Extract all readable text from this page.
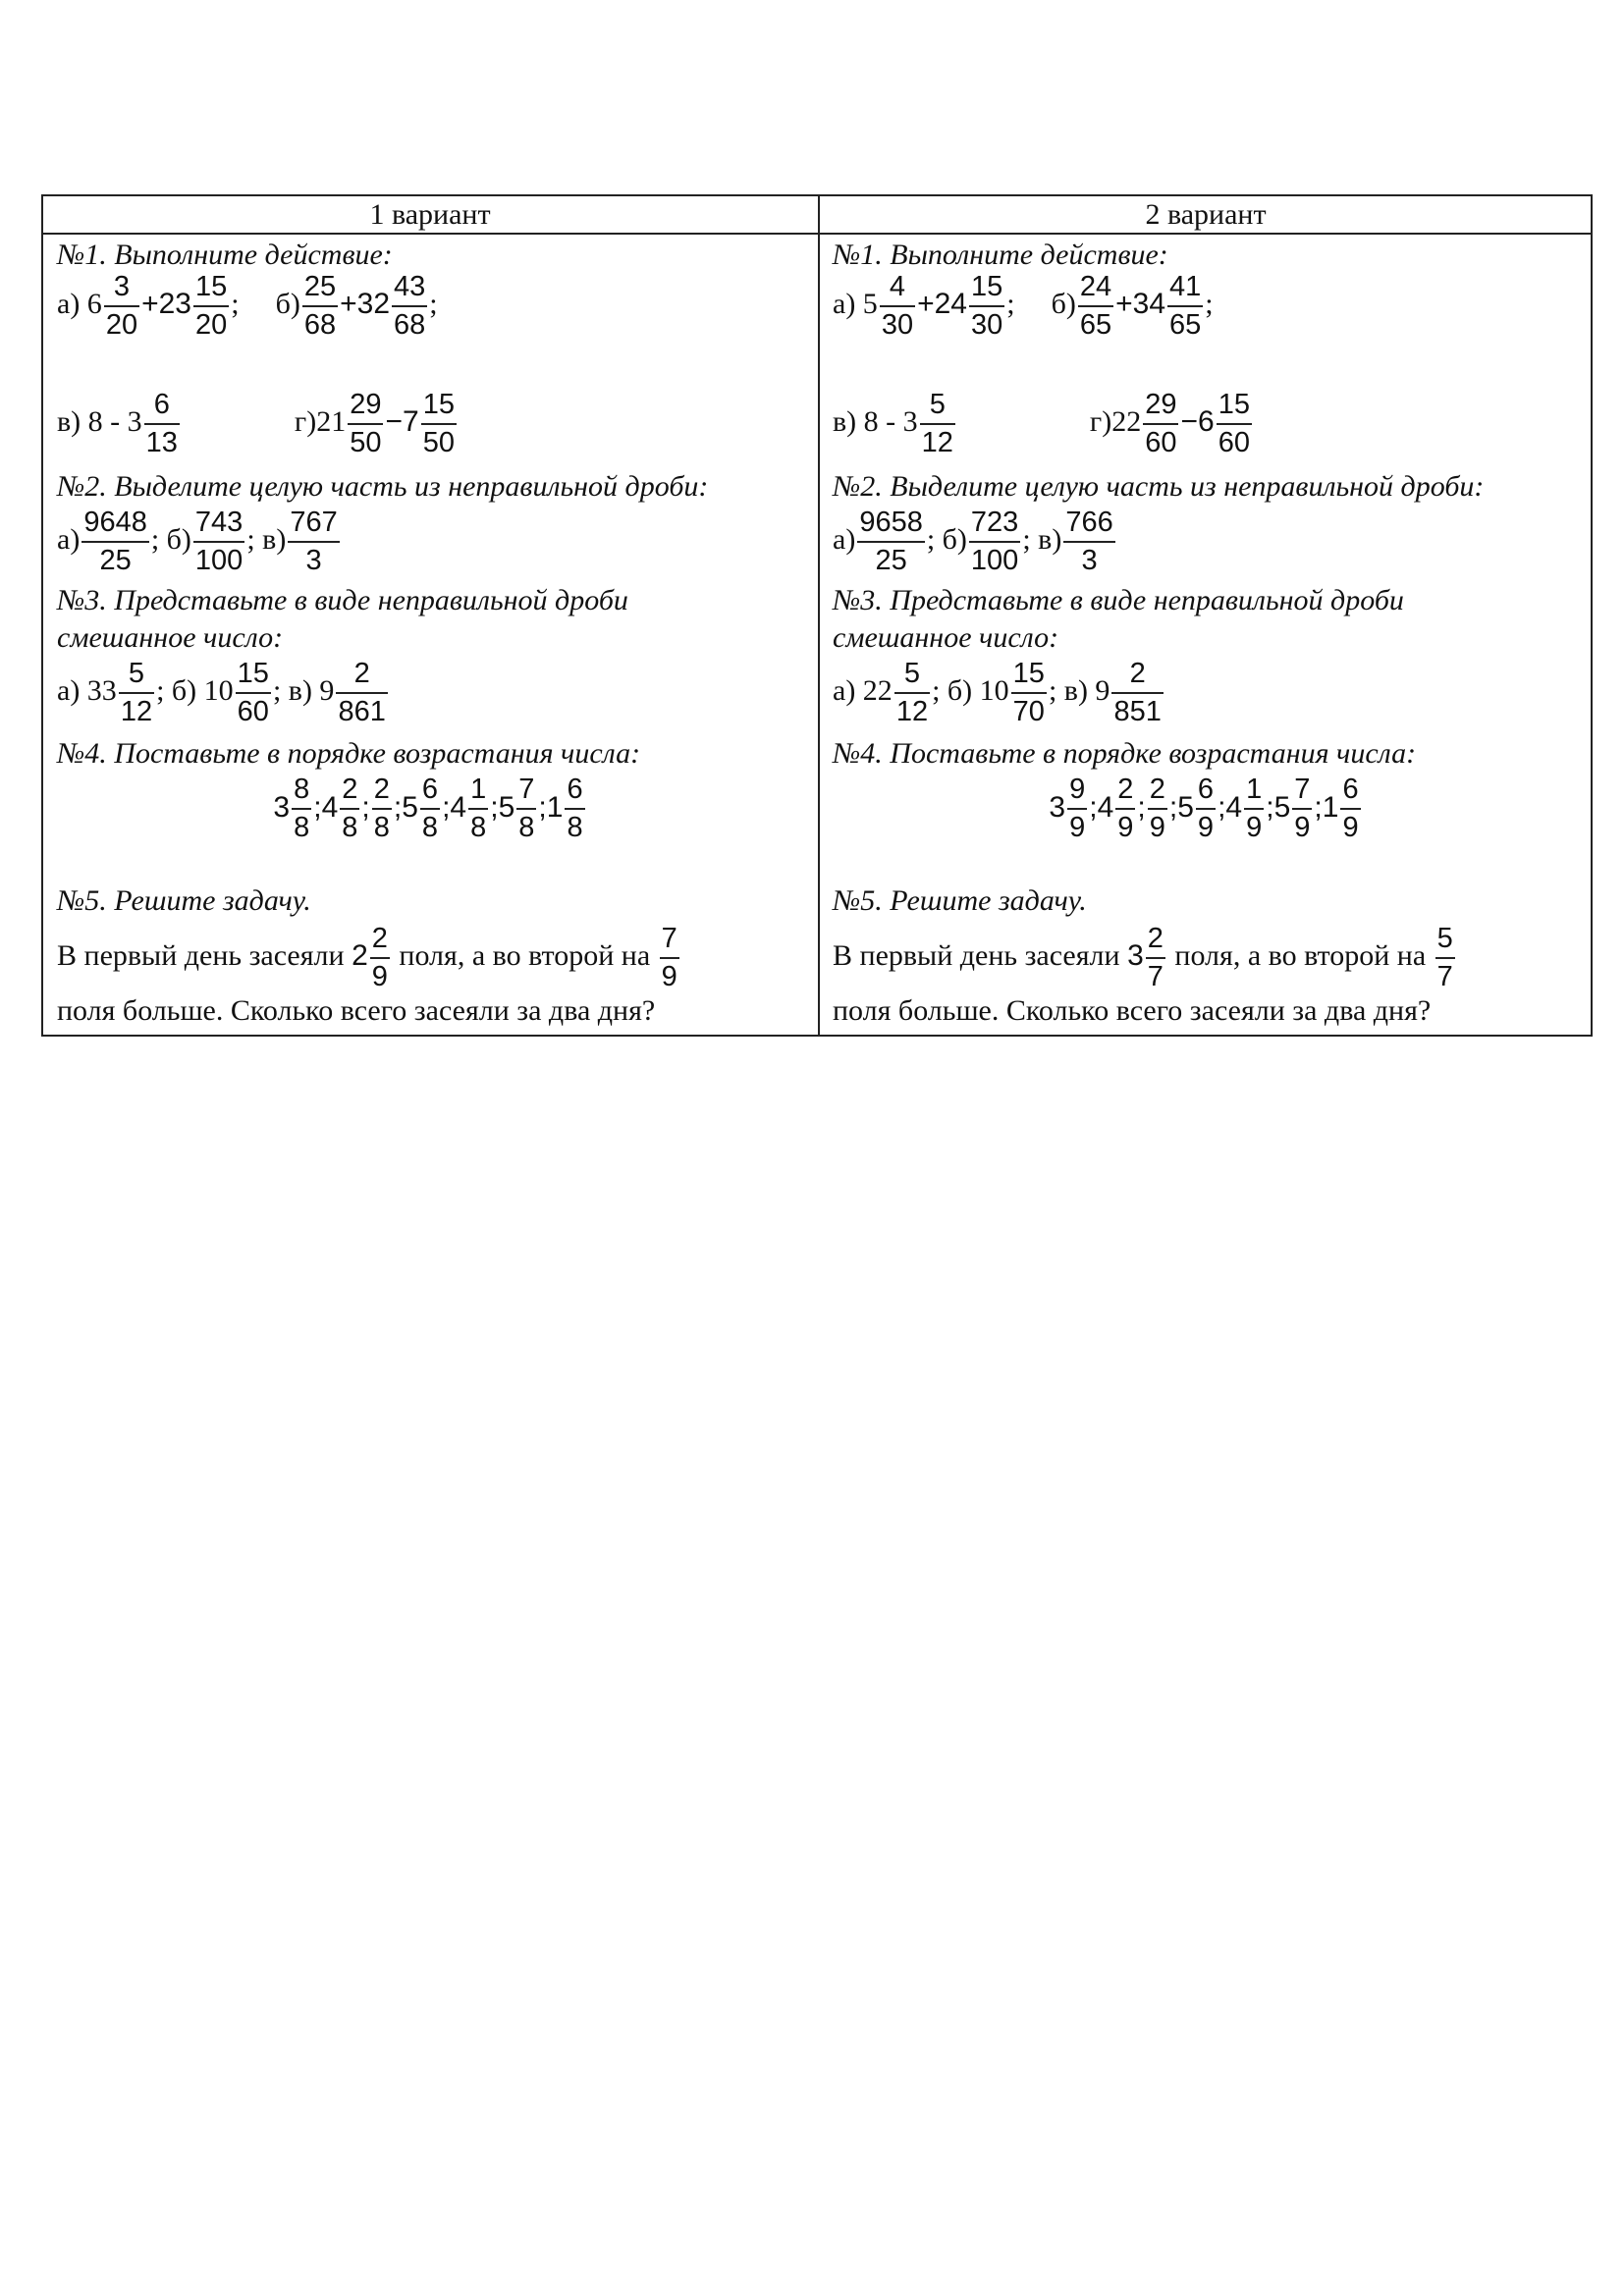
1 вариант
№1. Выполните действие:
а) $6 \frac{3}{20} +23 \frac{15}{20}$ ; $б) \frac{25}{68} +32 \frac{43}{68}$ ;
в) $8 - 3 \frac{6}{13}$	$г)21 \frac{29}{50} -7 \frac{15}{50}$
№2. Выделите целую часть из неправильной дроби:
$а) \frac{9648}{25}$ ; $б) \frac{743}{100}$ ; $в) \frac{767}{3}$
№3. Представьте в виде неправильной дроби
смешанное число:
а) $33 \frac{5}{12}$ ; б) $10 \frac{15}{60}$ ; в) $9 \frac{2}{861}$
№4. Поставьте в порядке возрастания числа:
$3 \frac{8}{8}$ ;4 $\frac{2}{8}$ ; $\frac{2}{8}$ ;5 $\frac{6}{8}$ ;4 $\frac{1}{8}$ ;5 $\frac{7}{8}$ ;1 $\frac{6}{8}$
№5. Решите задачу.
В первый день засеяли $2 \frac{2}{9}$ поля, а во второй на $\frac{7}{9}$
поля больше. Сколько всего засеяли за два дня?
2 вариант
№1. Выполните действие:
а) $5 \frac{4}{30} +24 \frac{15}{30}$ ; $б) \frac{24}{65} +34 \frac{41}{65}$ ;
в) $8 - 3 \frac{5}{12}$	$г)22 \frac{29}{60} -6 \frac{15}{60}$
№2. Выделите целую часть из неправильной дроби:
$а) \frac{9658}{25}$ ; $б) \frac{723}{100}$ ; $в) \frac{766}{3}$
№3. Представьте в виде неправильной дроби
смешанное число:
а) $22 \frac{5}{12}$ ; б) $10 \frac{15}{70}$ ; в) $9 \frac{2}{851}$
№4. Поставьте в порядке возрастания числа:
$3 \frac{9}{9}$ ;4 $\frac{2}{9}$ ; $\frac{2}{9}$ ;5 $\frac{6}{9}$ ;4 $\frac{1}{9}$ ;5 $\frac{7}{9}$ ;1 $\frac{6}{9}$
№5. Решите задачу.
В первый день засеяли $3 \frac{2}{7}$ поля, а во второй на $\frac{5}{7}$
поля больше. Сколько всего засеяли за два дня?
